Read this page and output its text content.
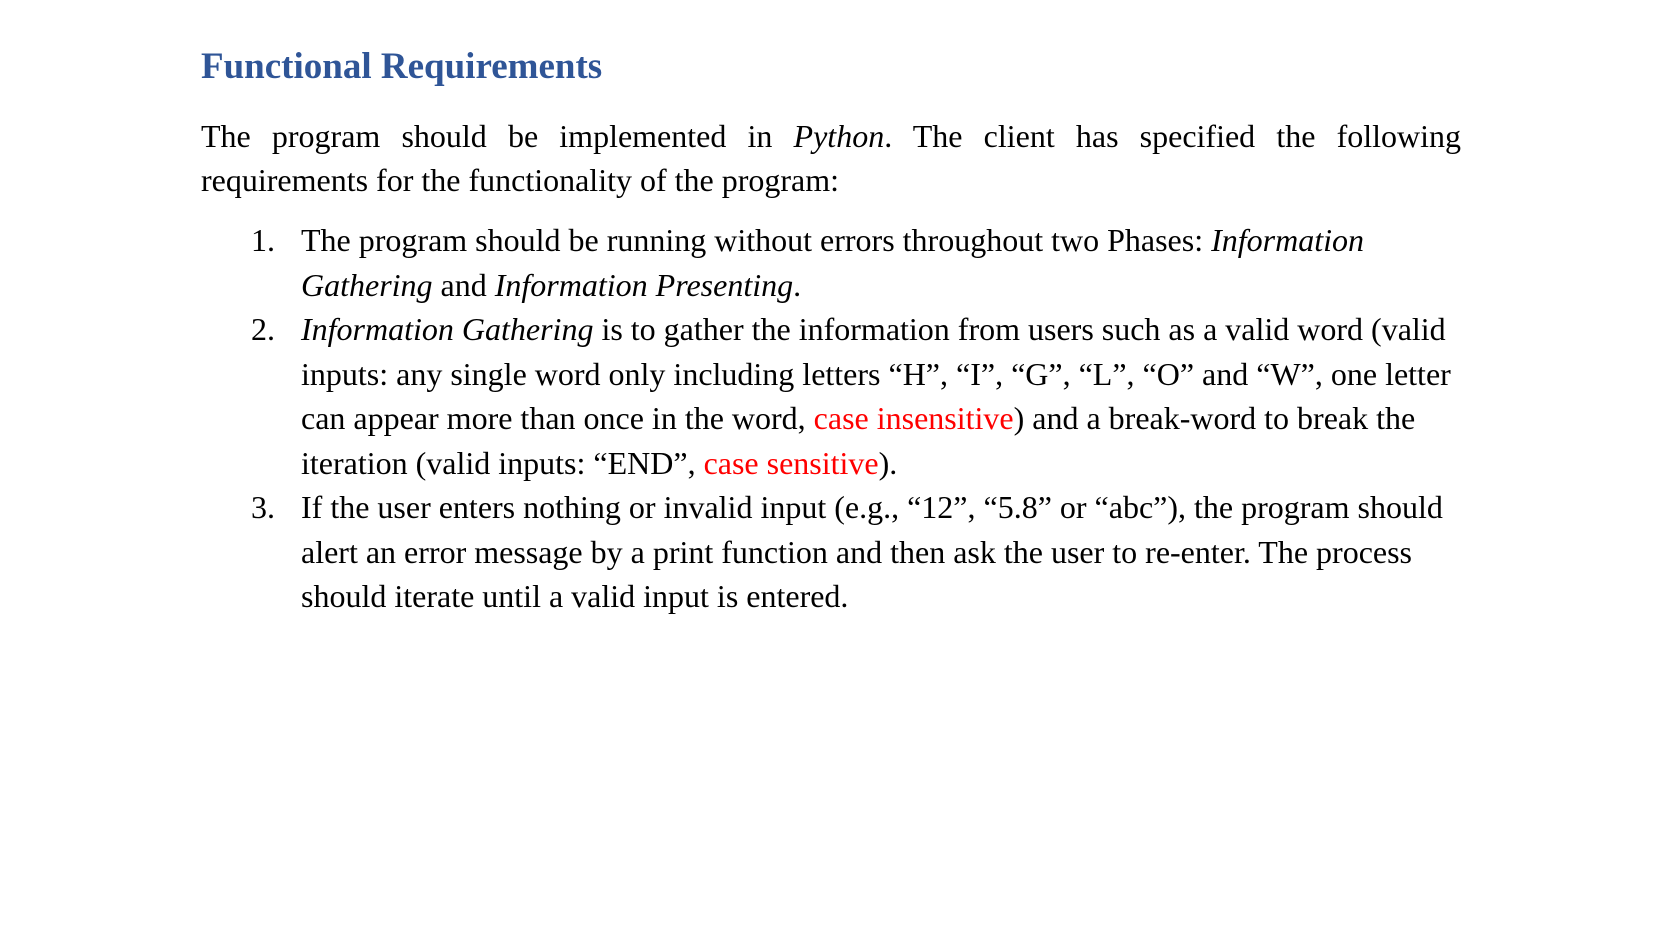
Functional Requirements

The program should be implemented in Python. The client has specified the following requirements for the functionality of the program:

1. The program should be running without errors throughout two Phases: Information Gathering and Information Presenting.
2. Information Gathering is to gather the information from users such as a valid word (valid inputs: any single word only including letters “H”, “I”, “G”, “L”, “O” and “W”, one letter can appear more than once in the word, case insensitive) and a break-word to break the iteration (valid inputs: “END”, case sensitive).
3. If the user enters nothing or invalid input (e.g., “12”, “5.8” or “abc”), the program should alert an error message by a print function and then ask the user to re-enter. The process should iterate until a valid input is entered.
